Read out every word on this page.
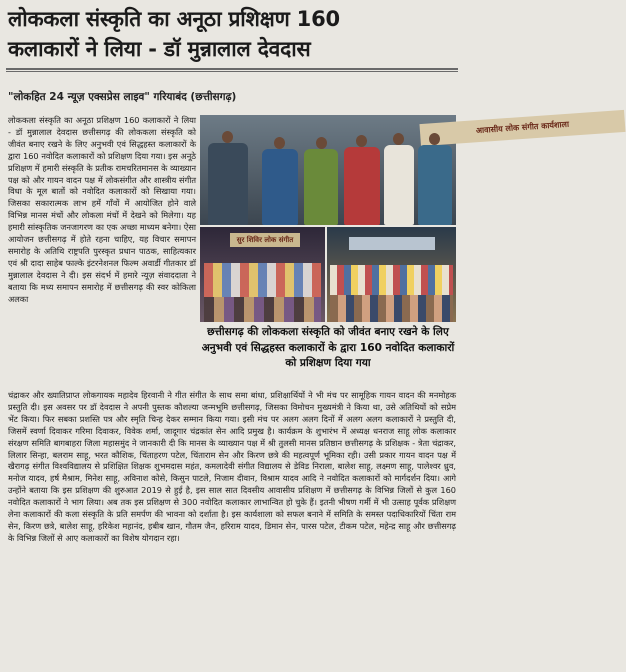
लोककला संस्कृति का अनूठा प्रशिक्षण 160
कलाकारों ने लिया - डॉ मुन्नालाल देवदास
"लोकहित 24 न्यूज़ एक्सप्रेस लाइव" गरियाबंद (छत्तीसगढ़)
लोककला संस्कृति का अनूठा प्रशिक्षण 160 कलाकारों ने लिया - डॉ मुन्नालाल देवदास छत्तीसगढ़ की लोककला संस्कृति को जीवंत बनाए रखने के लिए अनुभवी एवं सिद्धहस्त कलाकारों के द्वारा 160 नवोदित कलाकारों को प्रशिक्षण दिया गया। इस अनूठे प्रशिक्षण में हमारी संस्कृति के प्रतीक रामचरितमानस के व्याख्यान पक्ष को और गायन वादन पक्ष में लोकसंगीत और शास्त्रीय संगीत विधा के मूल बातों को नवोदित कलाकारों को सिखाया गया। जिसका सकारात्मक लाभ हमें गाँवों में आयोजित होने वाले विभिन्न मानस मंचों और लोकला मंचों में देखने को मिलेगा। यह हमारी सांस्कृतिक जनजागरण का एक अच्छा माध्यम बनेगा। ऐसा आयोजन छत्तीसगढ़ में होते रहना चाहिए, यह विचार समापन समारोह के अतिथि राष्ट्रपति पुरस्कृत प्रधान पाठक, साहित्यकार एवं श्री दादा साहेब फाल्के इंटरनेशनल फिल्म अवार्डी गीतकार डॉ मुन्नालाल देवदास ने दी। इस संदर्भ में हमारे न्यूज़ संवाददाता ने बताया कि मध्य समापन समारोह में छत्तीसगढ़ की स्वर कोकिला अलका
आवासीय लोक संगीत कार्यशाला
सुर शिविर लोक संगीत
छत्तीसगढ़ की लोककला संस्कृति को जीवंत बनाए रखने के लिए अनुभवी एवं सिद्धहस्त कलाकारों के द्वारा 160 नवोदित कलाकारों को प्रशिक्षण दिया गया
चंद्राकर और ख्यातिप्राप्त लोकगायक महादेव हिरवानी ने गीत संगीत के साथ समा बांधा, प्रशिक्षार्थियों ने भी मंच पर सामूहिक गायन वादन की मनमोहक प्रस्तुति दी। इस अवसर पर डॉ देवदास ने अपनी पुस्तक कौशल्या जन्मभूमि छत्तीसगढ़, जिसका विमोचन मुख्यमंत्री ने किया था, उसे अतिथियों को सप्रेम भेंट किया। फिर सबका प्रशस्ति पत्र और स्मृति चिन्ह देकर सम्मान किया गया। इसी मंच पर अलग अलग दिनों में अलग अलग कलाकारों ने प्रस्तुति दी, जिसमें स्वर्णा दिवाकर गरिमा दिवाकर, विवेक शर्मा, जादूगार चंद्रकांत सेन आदि प्रमुख है। कार्यक्रम के शुभारंभ में अध्यक्ष धनराज साहू लोक कलाकार संरक्षण समिति बागबाहरा जिला महासमुंद ने जानकारी दी कि मानस के व्याख्यान पक्ष में श्री तुलसी मानस प्रतिष्ठान छत्तीसगढ़ के प्रशिक्षक - त्रेता चंद्राकर, लिलार सिन्हा, बलराम साहू, भरत कौशिक, चिंताहरण पटेल, चिंताराम सेन और किरण छत्रे की महत्वपूर्ण भूमिका रही। उसी प्रकार गायन वादन पक्ष में खैरागढ़ संगीत विश्वविद्यालय से प्रशिक्षित शिक्षक शुभमदास महंत, कमलादेवी संगीत विद्यालय से डेविड निराला, बालेश साहू, लक्ष्मण साहू, पालेश्वर ध्रुव, मनोज यादव, हर्ष मैश्राम, मिनेश साहू, अविनाश कोसे, किसुन पाटले, निजाम दीवान, विश्राम यादव आदि ने नवोदित कलाकारों को मार्गदर्शन दिया। आगे उन्होंने बताया कि इस प्रशिक्षण की शुरुआत 2019 से हुई है, इस साल सात दिवसीय आवासीय प्रशिक्षण में छत्तीसगढ़ के विभिन्न जिलों से कुल 160 नवोदित कलाकारों ने भाग लिया। अब तक इस प्रशिक्षण से 300 नवोदित कलाकार लाभान्वित हो चुके हैं। इतनी भीषण गर्मी में भी उत्साह पूर्वक प्रशिक्षण लेना कलाकारों की कला संस्कृति के प्रति समर्पण की भावना को दर्शाता है। इस कार्यशाला को सफल बनाने में समिति के समस्त पदाधिकारियों चिंता राम सेन, किरण छत्रे, बालेश साहू, हरिकेश महानंद, हबीब खान, गौतम जैन, हरिराम यादव, डिमान सेन, पारस पटेल, टीकम पटेल, महेन्द्र साहू और छत्तीसगढ़ के विभिन्न जिलों से आए कलाकारों का विशेष योगदान रहा।
